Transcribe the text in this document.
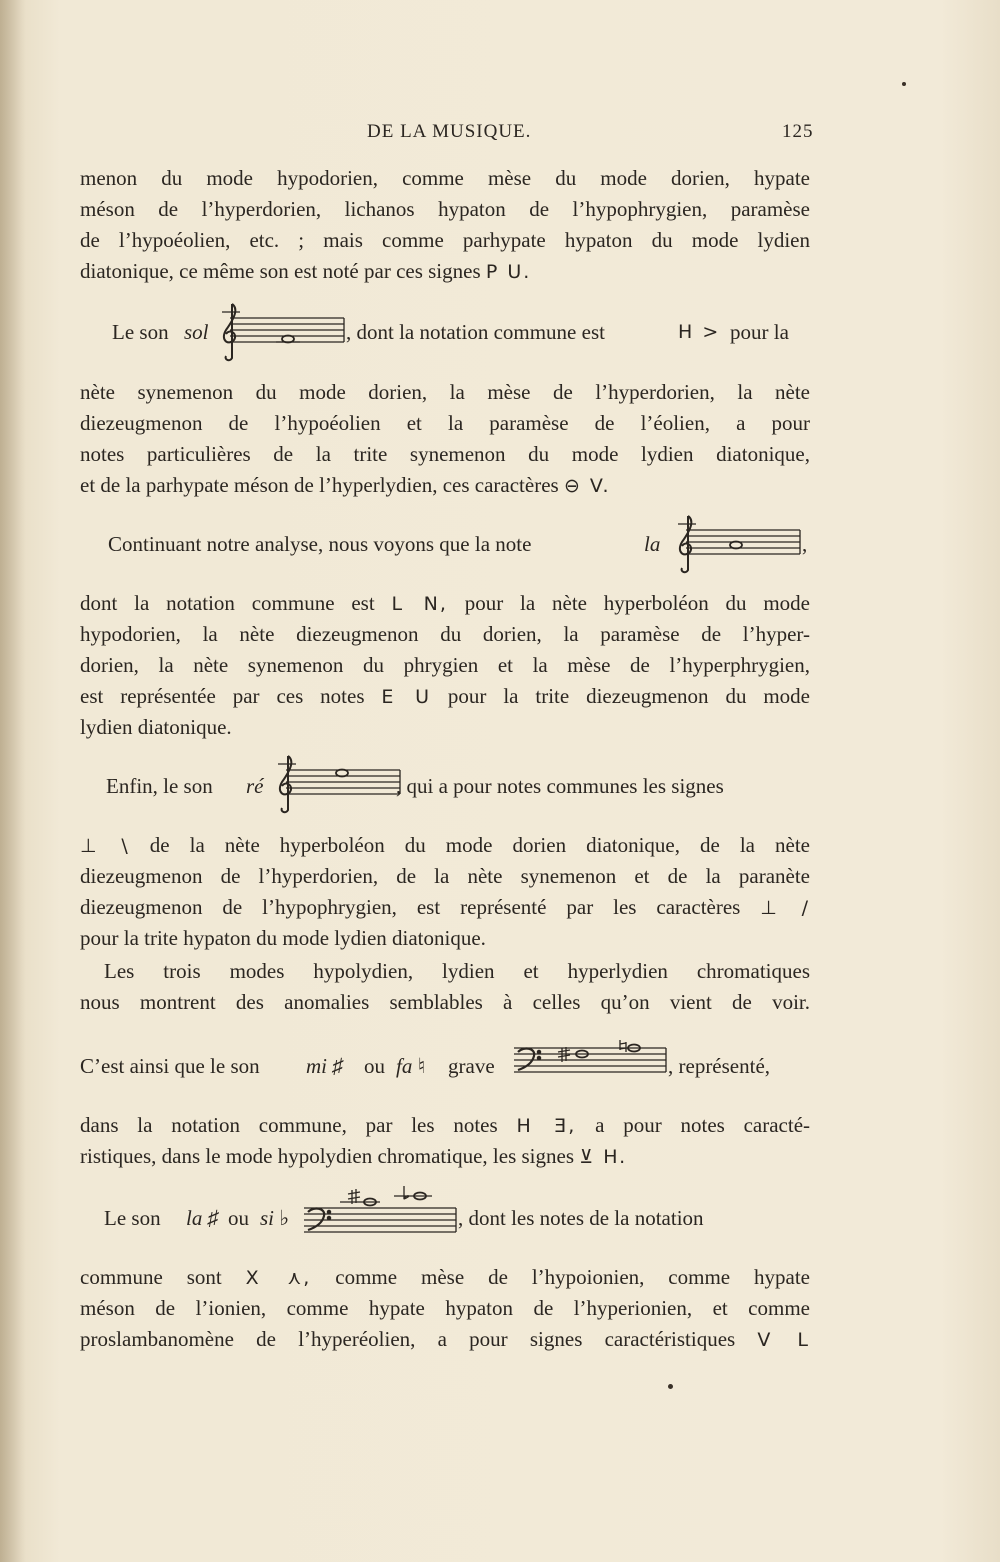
DE LA MUSIQUE.	125
menon du mode hypodorien, comme mèse du mode dorien, hypate
méson de l’hyperdorien, lichanos hypaton de l’hypophrygien, paramèse
de l’hypoéolien, etc. ; mais comme parhypate hypaton du mode lydien
diatonique, ce même son est noté par ces signes P U.
Le son sol	, dont la notation commune est	H > pour la
nète synemenon du mode dorien, la mèse de l’hyperdorien, la nète
diezeugmenon de l’hypoéolien et la paramèse de l’éolien, a pour
notes particulières de la trite synemenon du mode lydien diatonique,
et de la parhypate méson de l’hyperlydien, ces caractères ⊖ V.
Continuant notre analyse, nous voyons que la note	la	,
dont la notation commune est L N, pour la nète hyperboléon du mode
hypodorien, la nète diezeugmenon du dorien, la paramèse de l’hyper-
dorien, la nète synemenon du phrygien et la mèse de l’hyperphrygien,
est représentée par ces notes E U pour la trite diezeugmenon du mode
lydien diatonique.
Enfin, le son ré	, qui a pour notes communes les signes
⊥ \ de la nète hyperboléon du mode dorien diatonique, de la nète
diezeugmenon de l’hyperdorien, de la nète synemenon et de la paranète
diezeugmenon de l’hypophrygien, est représenté par les caractères ⊥ /
pour la trite hypaton du mode lydien diatonique.
Les trois modes hypolydien, lydien et hyperlydien chromatiques
nous montrent des anomalies semblables à celles qu’on vient de voir.
C’est ainsi que le son mi ♯ ou fa ♮ grave	, représenté,
dans la notation commune, par les notes H Ǝ, a pour notes caracté-
ristiques, dans le mode hypolydien chromatique, les signes ⊻ H.
Le son la ♯ ou si ♭	, dont les notes de la notation
commune sont X ⋏, comme mèse de l’hypoionien, comme hypate
méson de l’ionien, comme hypate hypaton de l’hyperionien, et comme
proslambanomène de l’hyperéolien, a pour signes caractéristiques V L
